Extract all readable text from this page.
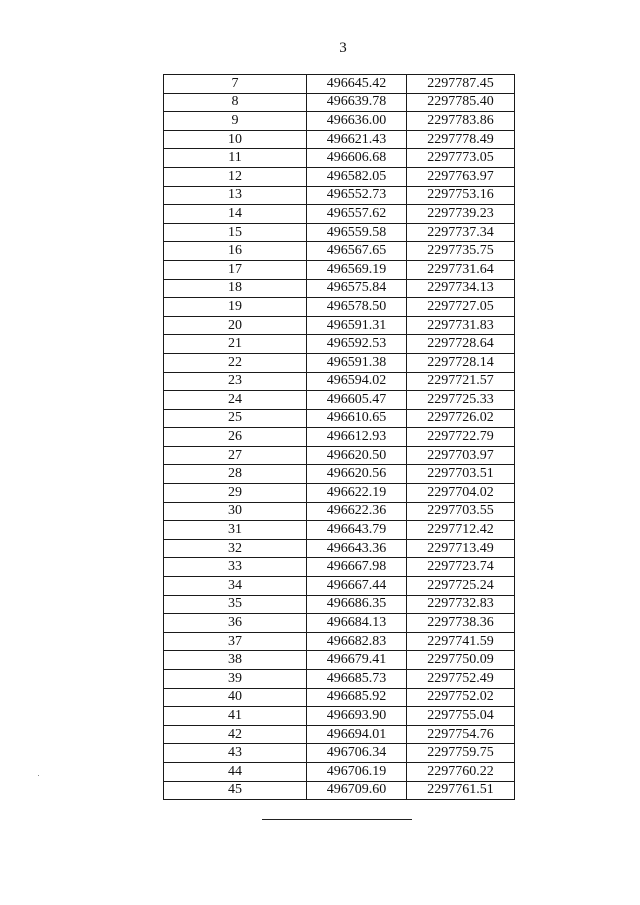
3
7	496645.42	2297787.45
8	496639.78	2297785.40
9	496636.00	2297783.86
10	496621.43	2297778.49
11	496606.68	2297773.05
12	496582.05	2297763.97
13	496552.73	2297753.16
14	496557.62	2297739.23
15	496559.58	2297737.34
16	496567.65	2297735.75
17	496569.19	2297731.64
18	496575.84	2297734.13
19	496578.50	2297727.05
20	496591.31	2297731.83
21	496592.53	2297728.64
22	496591.38	2297728.14
23	496594.02	2297721.57
24	496605.47	2297725.33
25	496610.65	2297726.02
26	496612.93	2297722.79
27	496620.50	2297703.97
28	496620.56	2297703.51
29	496622.19	2297704.02
30	496622.36	2297703.55
31	496643.79	2297712.42
32	496643.36	2297713.49
33	496667.98	2297723.74
34	496667.44	2297725.24
35	496686.35	2297732.83
36	496684.13	2297738.36
37	496682.83	2297741.59
38	496679.41	2297750.09
39	496685.73	2297752.49
40	496685.92	2297752.02
41	496693.90	2297755.04
42	496694.01	2297754.76
43	496706.34	2297759.75
44	496706.19	2297760.22
45	496709.60	2297761.51
